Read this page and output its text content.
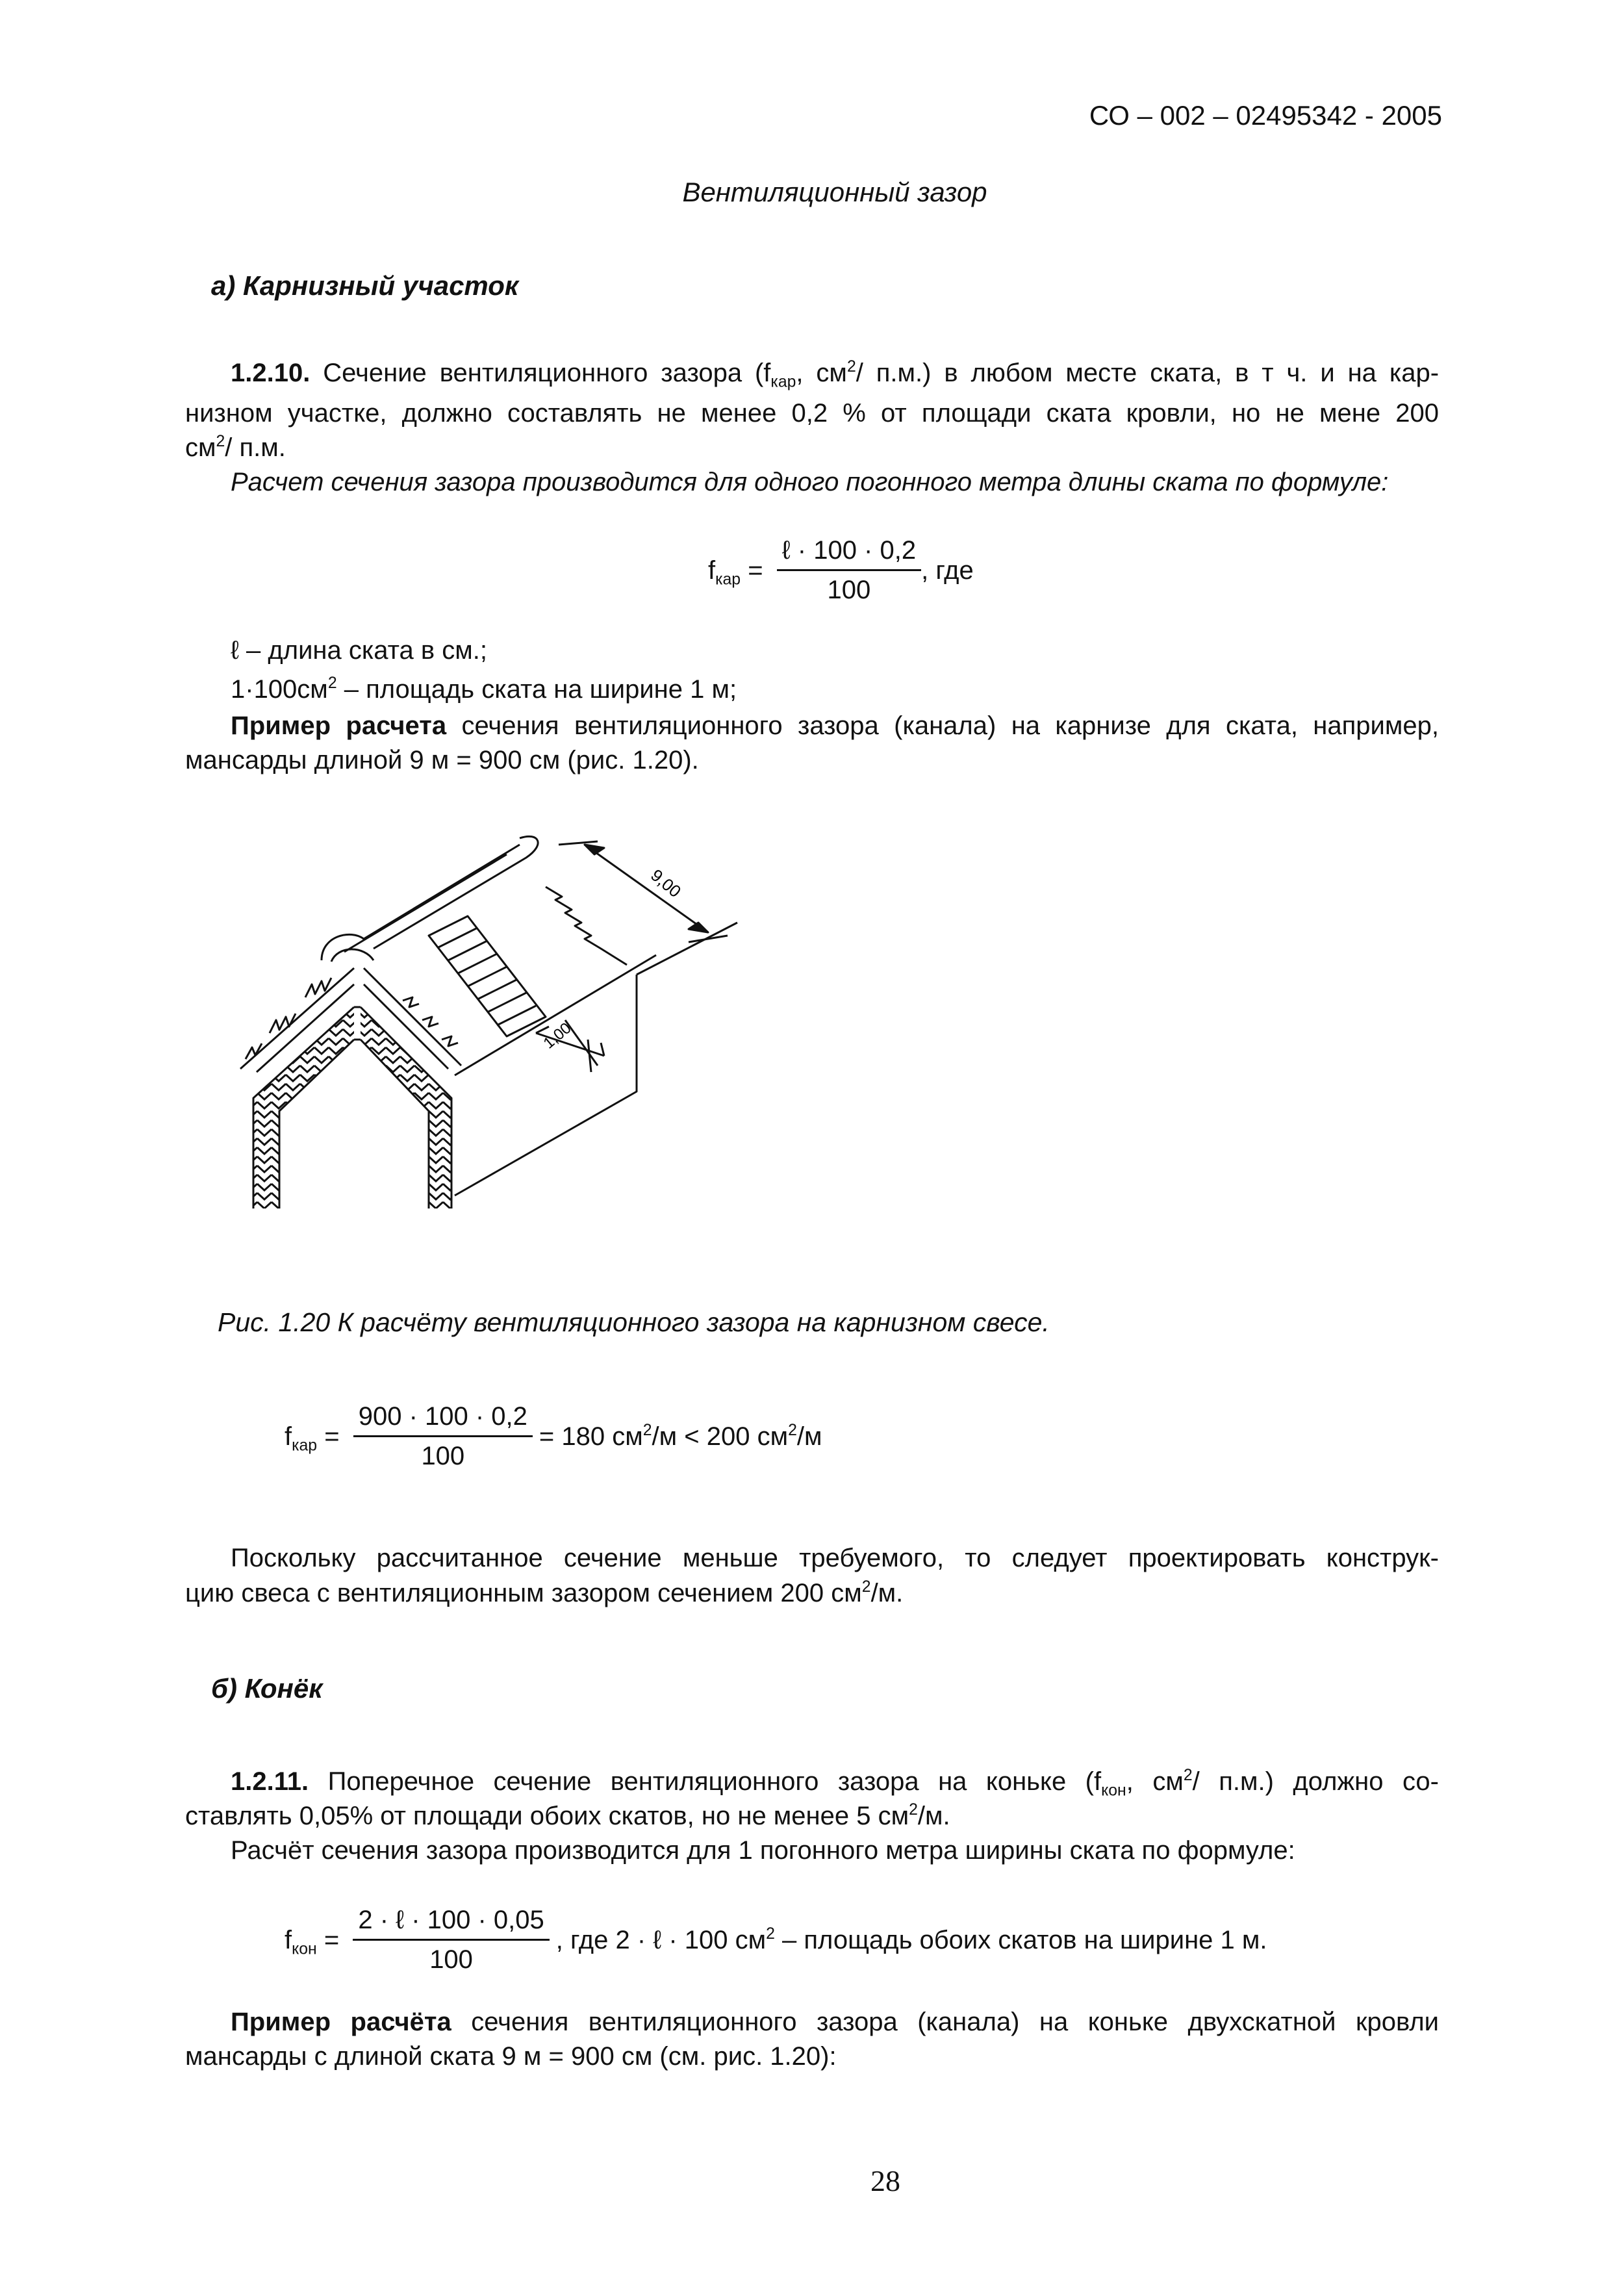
СО – 002 – 02495342 - 2005
Вентиляционный зазор
а) Карнизный участок
1.2.10. Сечение вентиляционного зазора ($f_{кар}$, $см^2/$ п.м.) в любом месте ската, в т ч. и на кар-
низном участке, должно составлять не менее 0,2 % от площади ската кровли, но не мене 200
$см^2/$ п.м.
Расчет сечения зазора производится для одного погонного метра длины ската по формуле:
$f_{кар} = \frac{\text{ℓ · 100 · 0,2}}{100}$ , где
ℓ – длина ската в см.;
$1\cdot 100см^2$ – площадь ската на ширине 1 м;
Пример расчета сечения вентиляционного зазора (канала) на карнизе для ската, например,
мансарды длиной 9 м = 900 см (рис. 1.20).
9,00
1,00
Рис. 1.20 К расчёту вентиляционного зазора на карнизном свесе.
$f_{кар} = \frac{900 \cdot 100 \cdot 0,2}{100} = 180$ $см^2/м < 200$ $см^2/м$
Поскольку рассчитанное сечение меньше требуемого, то следует проектировать конструк-
цию свеса с вентиляционным зазором сечением 200 $см^2/м$.
б) Конёк
1.2.11. Поперечное сечение вентиляционного зазора на коньке ($f_{кон}$, $см^2/$ п.м.) должно со-
ставлять 0,05% от площади обоих скатов, но не менее 5 $см^2/м$.
Расчёт сечения зазора производится для 1 погонного метра ширины ската по формуле:
$f_{кон} = \frac{\text{2 · ℓ · 100 · 0,05}}{100}$ , где 2 · ℓ · 100 $см^2$ – площадь обоих скатов на ширине 1 м.
Пример расчёта сечения вентиляционного зазора (канала) на коньке двухскатной кровли
мансарды с длиной ската 9 м = 900 см (см. рис. 1.20):
28
